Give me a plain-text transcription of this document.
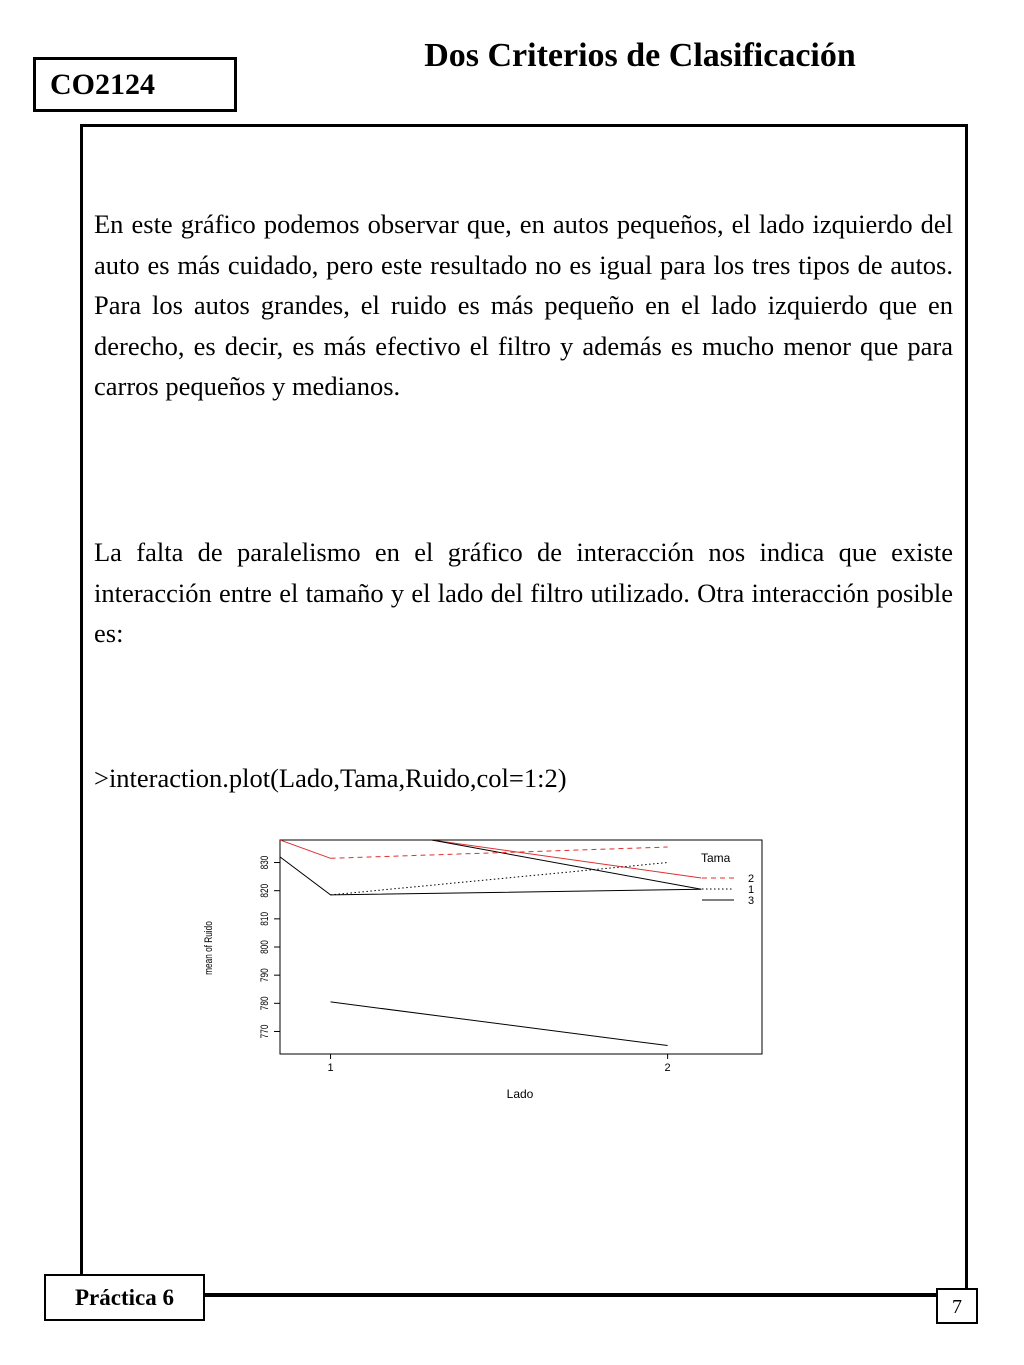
Dos Criterios de Clasificación
CO2124

En este gráfico podemos observar que, en autos pequeños, el lado izquierdo del auto es más cuidado, pero este resultado no es igual para los tres tipos de autos. Para los autos grandes, el ruido es más pequeño en el lado izquierdo que en derecho, es decir, es más efectivo el filtro y además es mucho menor que para carros pequeños y medianos.

La falta de paralelismo en el gráfico de interacción nos indica que existe interacción entre el tamaño y el lado del filtro utilizado. Otra interacción posible es:

>interaction.plot(Lado,Tama,Ruido,col=1:2)
770
780
790
800
810
820
830
1	2
mean of Ruido
Lado
Tama
2
1
3
Práctica 6	7
